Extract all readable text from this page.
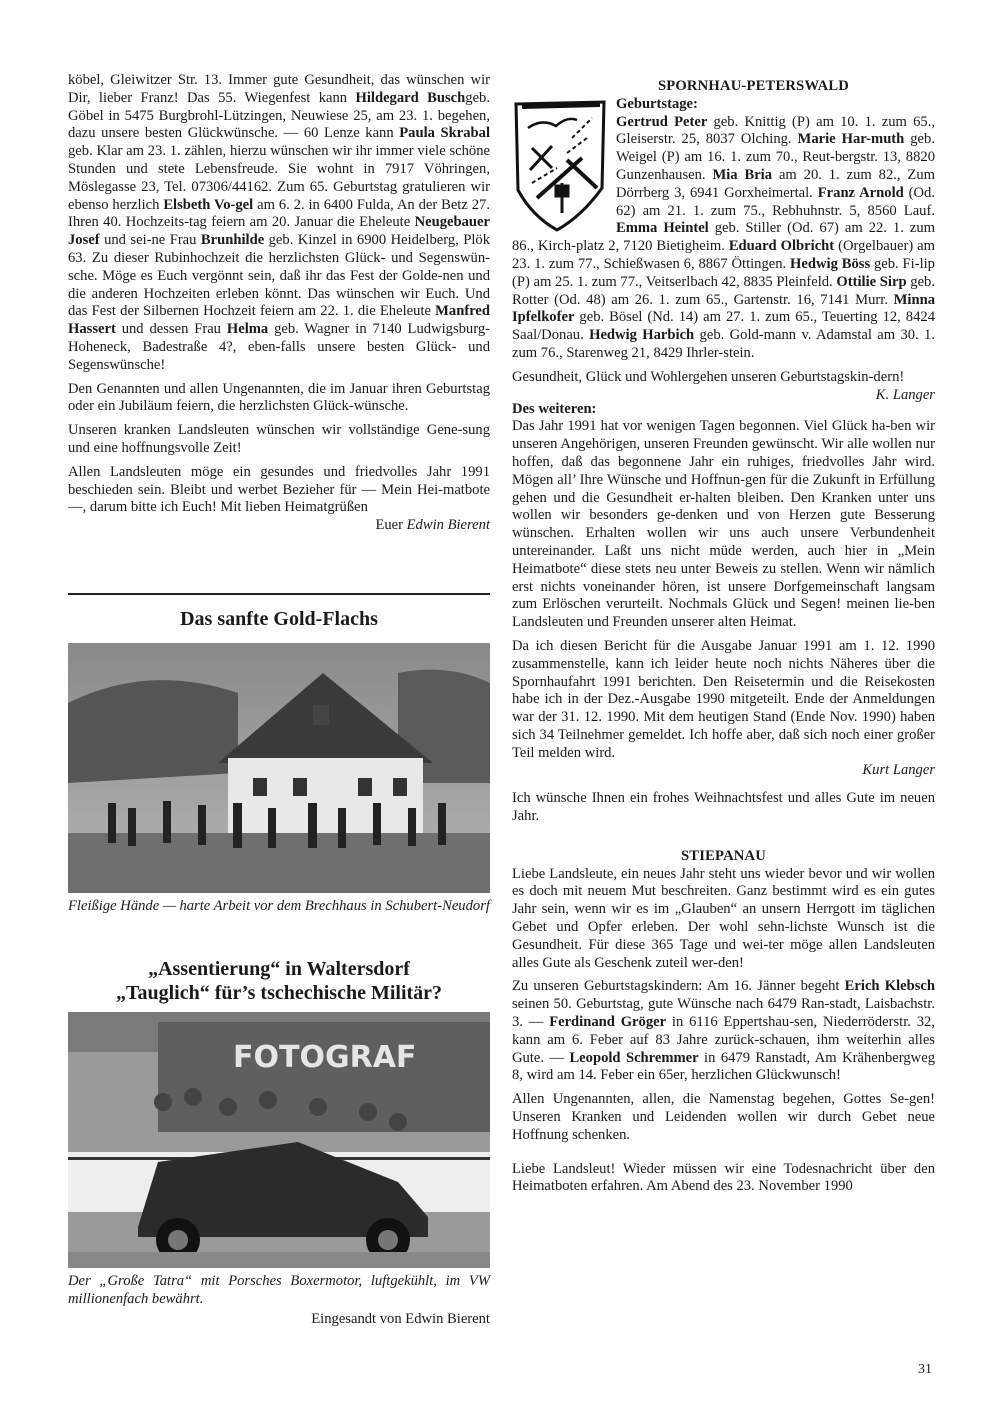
köbel, Gleiwitzer Str. 13. Immer gute Gesundheit, das wünschen wir Dir, lieber Franz! Das 55. Wiegenfest kann Hildegard Buschgeb. Göbel in 5475 Burgbrohl-Lützingen, Neuwiese 25, am 23. 1. begehen, dazu unsere besten Glückwünsche. — 60 Lenze kann Paula Skrabal geb. Klar am 23. 1. zählen, hierzu wünschen wir ihr immer viele schöne Stunden und stete Lebensfreude. Sie wohnt in 7917 Vöhringen, Möslegasse 23, Tel. 07306/44162. Zum 65. Geburtstag gratulieren wir ebenso herzlich Elsbeth Vo-gel am 6. 2. in 6400 Fulda, An der Betz 27. Ihren 40. Hochzeits-tag feiern am 20. Januar die Eheleute Neugebauer Josef und sei-ne Frau Brunhilde geb. Kinzel in 6900 Heidelberg, Plök 63. Zu dieser Rubinhochzeit die herzlichsten Glück- und Segenswün-sche. Möge es Euch vergönnt sein, daß ihr das Fest der Golde-nen und die anderen Hochzeiten erleben könnt. Das wünschen wir Euch. Und das Fest der Silbernen Hochzeit feiern am 22. 1. die Eheleute Manfred Hassert und dessen Frau Helma geb. Wagner in 7140 Ludwigsburg-Hoheneck, Badestraße 4?, eben-falls unsere besten Glück- und Segenswünsche!

Den Genannten und allen Ungenannten, die im Januar ihren Geburtstag oder ein Jubiläum feiern, die herzlichsten Glück-wünsche.

Unseren kranken Landsleuten wünschen wir vollständige Gene-sung und eine hoffnungsvolle Zeit!

Allen Landsleuten möge ein gesundes und friedvolles Jahr 1991 beschieden sein. Bleibt und werbet Bezieher für — Mein Hei-matbote —, darum bitte ich Euch! Mit lieben Heimatgrüßen

Euer Edwin Bierent

Das sanfte Gold-Flachs
Fleißige Hände — harte Arbeit vor dem Brechhaus in Schubert-Neudorf
„Assentierung“ in Waltersdorf
„Tauglich“ für’s tschechische Militär?
FOTOGRAF
Der „Große Tatra“ mit Porsches Boxermotor, luftgekühlt, im VW millionenfach bewährt.
Eingesandt von Edwin Bierent
SPORNHAU-PETERSWALD

Geburtstage:

Gertrud Peter geb. Knittig (P) am 10. 1. zum 65., Gleiserstr. 25, 8037 Olching. Marie Har-muth geb. Weigel (P) am 16. 1. zum 70., Reut-bergstr. 13, 8820 Gunzenhausen. Mia Bria am 20. 1. zum 82., Zum Dörrberg 3, 6941 Gorxheimertal. Franz Arnold (Od. 62) am 21. 1. zum 75., Rebhuhnstr. 5, 8560 Lauf. Emma Heintel geb. Stiller (Od. 67) am 22. 1. zum 86., Kirch-platz 2, 7120 Bietigheim. Eduard Olbricht (Orgelbauer) am 23. 1. zum 77., Schießwasen 6, 8867 Öttingen. Hedwig Böss geb. Fi-lip (P) am 25. 1. zum 77., Veitserlbach 42, 8835 Pleinfeld. Ottilie Sirp geb. Rotter (Od. 48) am 26. 1. zum 65., Gartenstr. 16, 7141 Murr. Minna Ipfelkofer geb. Bösel (Nd. 14) am 27. 1. zum 65., Teuerting 12, 8424 Saal/Donau. Hedwig Harbich geb. Gold-mann v. Adamstal am 30. 1. zum 76., Starenweg 21, 8429 Ihrler-stein.

Gesundheit, Glück und Wohlergehen unseren Geburtstagskin-dern!
K. Langer

Des weiteren:

Das Jahr 1991 hat vor wenigen Tagen begonnen. Viel Glück ha-ben wir unseren Angehörigen, unseren Freunden gewünscht. Wir alle wollen nur hoffen, daß das begonnene Jahr ein ruhiges, friedvolles Jahr wird. Mögen all’ Ihre Wünsche und Hoffnun-gen für die Zukunft in Erfüllung gehen und die Gesundheit er-halten bleiben. Den Kranken unter uns wollen wir besonders ge-denken und von Herzen gute Besserung wünschen. Erhalten wollen wir uns auch unsere Verbundenheit untereinander. Laßt uns nicht müde werden, auch hier in „Mein Heimatbote“ diese stets neu unter Beweis zu stellen. Wenn wir nämlich erst nichts voneinander hören, ist unsere Dorfgemeinschaft langsam zum Erlöschen verurteilt. Nochmals Glück und Segen! meinen lie-ben Landsleuten und Freunden unserer alten Heimat.

Da ich diesen Bericht für die Ausgabe Januar 1991 am 1. 12. 1990 zusammenstelle, kann ich leider heute noch nichts Näheres über die Spornhaufahrt 1991 berichten. Den Reisetermin und die Reisekosten habe ich in der Dez.-Ausgabe 1990 mitgeteilt. Ende der Anmeldungen war der 31. 12. 1990. Mit dem heutigen Stand (Ende Nov. 1990) haben sich 34 Teilnehmer gemeldet. Ich hoffe aber, daß sich noch einer großer Teil melden wird.

Kurt Langer

Ich wünsche Ihnen ein frohes Weihnachtsfest und alles Gute im neuen Jahr.

STIEPANAU

Liebe Landsleute, ein neues Jahr steht uns wieder bevor und wir wollen es doch mit neuem Mut beschreiten. Ganz bestimmt wird es ein gutes Jahr sein, wenn wir es im „Glauben“ an unsern Herrgott im täglichen Gebet und Opfer erleben. Der wohl sehn-lichste Wunsch ist die Gesundheit. Für diese 365 Tage und wei-ter möge allen Landsleuten alles Gute als Geschenk zuteil wer-den!

Zu unseren Geburtstagskindern: Am 16. Jänner begeht Erich Klebsch seinen 50. Geburtstag, gute Wünsche nach 6479 Ran-stadt, Laisbachstr. 3. — Ferdinand Gröger in 6116 Eppertshau-sen, Niederröderstr. 32, kann am 6. Feber auf 83 Jahre zurück-schauen, ihm weiterhin alles Gute. — Leopold Schremmer in 6479 Ranstadt, Am Krähenbergweg 8, wird am 14. Feber ein 65er, herzlichen Glückwunsch!

Allen Ungenannten, allen, die Namenstag begehen, Gottes Se-gen! Unseren Kranken und Leidenden wollen wir durch Gebet neue Hoffnung schenken.

Liebe Landsleut! Wieder müssen wir eine Todesnachricht über den Heimatboten erfahren. Am Abend des 23. November 1990

31
